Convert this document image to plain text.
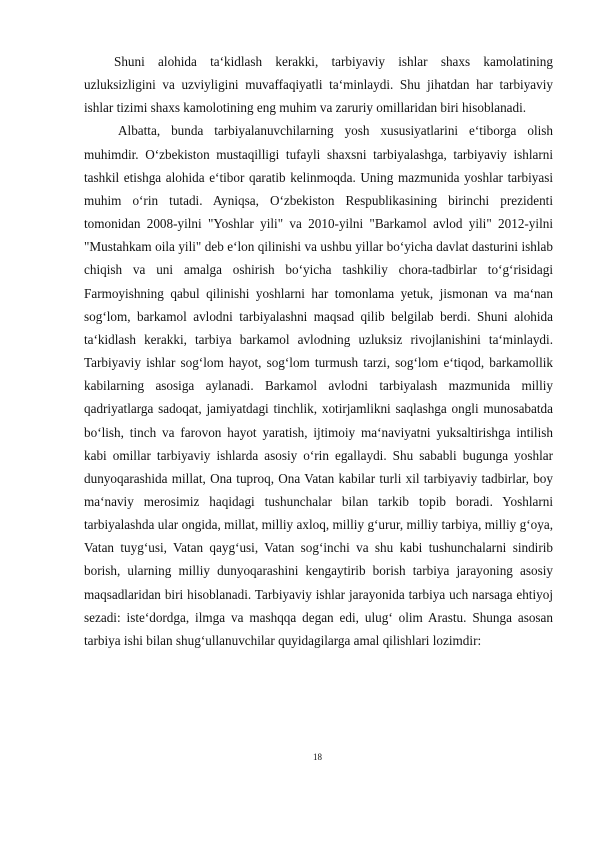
Shuni alohida ta‘kidlash kerakki, tarbiyaviy ishlar shaxs kamolatining uzluksizligini va uzviyligini muvaffaqiyatli ta‘minlaydi. Shu jihatdan har tarbiyaviy ishlar tizimi shaxs kamolotining eng muhim va zaruriy omillaridan biri hisoblanadi.

Albatta, bunda tarbiyalanuvchilarning yosh xususiyatlarini e‘tiborga olish muhimdir. O‘zbekiston mustaqilligi tufayli shaxsni tarbiyalashga, tarbiyaviy ishlarni tashkil etishga alohida e‘tibor qaratib kelinmoqda. Uning mazmunida yoshlar tarbiyasi muhim o‘rin tutadi. Ayniqsa, O‘zbekiston Respublikasining birinchi prezidenti tomonidan 2008-yilni "Yoshlar yili" va 2010-yilni "Barkamol avlod yili" 2012-yilni "Mustahkam oila yili" deb e‘lon qilinishi va ushbu yillar bo‘yicha davlat dasturini ishlab chiqish va uni amalga oshirish bo‘yicha tashkiliy chora-tadbirlar to‘g‘risidagi Farmoyishning qabul qilinishi yoshlarni har tomonlama yetuk, jismonan va ma‘nan sog‘lom, barkamol avlodni tarbiyalashni maqsad qilib belgilab berdi. Shuni alohida ta‘kidlash kerakki, tarbiya barkamol avlodning uzluksiz rivojlanishini ta‘minlaydi. Tarbiyaviy ishlar sog‘lom hayot, sog‘lom turmush tarzi, sog‘lom e‘tiqod, barkamollik kabilarning asosiga aylanadi. Barkamol avlodni tarbiyalash mazmunida milliy qadriyatlarga sadoqat, jamiyatdagi tinchlik, xotirjamlikni saqlashga ongli munosabatda bo‘lish, tinch va farovon hayot yaratish, ijtimoiy ma‘naviyatni yuksaltirishga intilish kabi omillar tarbiyaviy ishlarda asosiy o‘rin egallaydi. Shu sababli bugunga yoshlar dunyoqarashida millat, Ona tuproq, Ona Vatan kabilar turli xil tarbiyaviy tadbirlar, boy ma‘naviy merosimiz haqidagi tushunchalar bilan tarkib topib boradi. Yoshlarni tarbiyalashda ular ongida, millat, milliy axloq, milliy g‘urur, milliy tarbiya, milliy g‘oya, Vatan tuyg‘usi, Vatan qayg‘usi, Vatan sog‘inchi va shu kabi tushunchalarni sindirib borish, ularning milliy dunyoqarashini kengaytirib borish tarbiya jarayoning asosiy maqsadlaridan biri hisoblanadi. Tarbiyaviy ishlar jarayonida tarbiya uch narsaga ehtiyoj sezadi: iste‘dordga, ilmga va mashqqa degan edi, ulug‘ olim Arastu. Shunga asosan tarbiya ishi bilan shug‘ullanuvchilar quyidagilarga amal qilishlari lozimdir:

18
